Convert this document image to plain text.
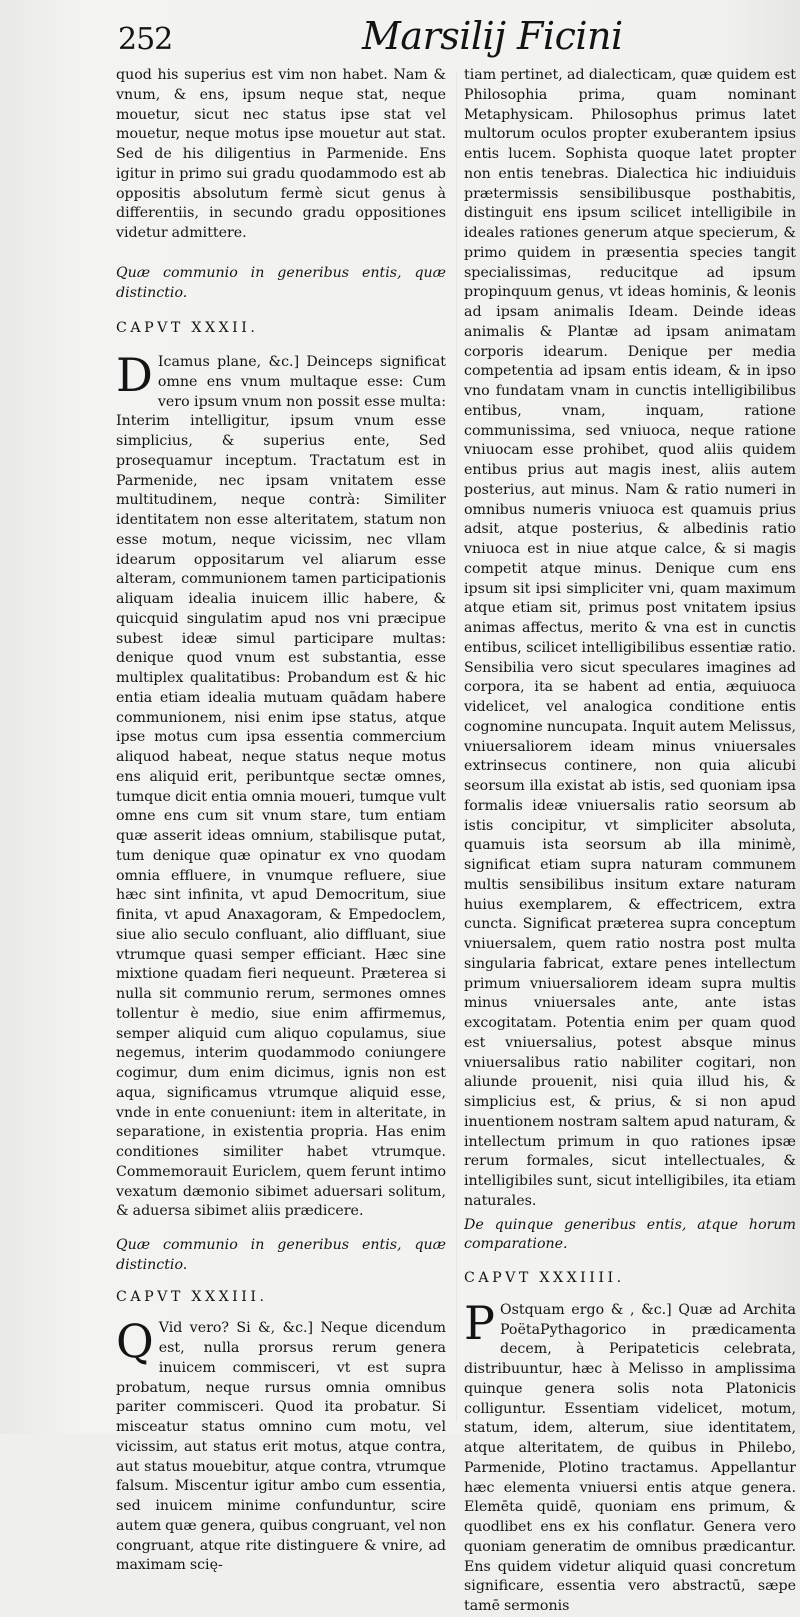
252	Marsilij Ficini

quod his superius est vim non habet. Nam & vnum, & ens, ipsum neque stat, neque mouetur, sicut nec status ipse stat vel mouetur, neque motus ipse mouetur aut stat. Sed de his diligentius in Parmenide. Ens igitur in primo sui gradu quodammodo est ab oppositis absolutum fermè sicut genus à differentiis, in secundo gradu oppositiones videtur admittere.

Quæ communio in generibus entis, quæ distinctio.

CAPVT XXXII.

D Icamus plane, &c.] Deinceps significat omne ens vnum multaque esse: Cum vero ipsum vnum non possit esse multa: Interim intelligitur, ipsum vnum esse simplicius, & superius ente, Sed prosequamur inceptum. Tractatum est in Parmenide, nec ipsam vnitatem esse multitudinem, neque contrà: Similiter identitatem non esse alteritatem, statum non esse motum, neque vicissim, nec vllam idearum oppositarum vel aliarum esse alteram, communionem tamen participationis aliquam idealia inuicem illic habere, & quicquid singulatim apud nos vni præcipue subest ideæ simul participare multas: denique quod vnum est substantia, esse multiplex qualitatibus: Probandum est & hic entia etiam idealia mutuam quādam habere communionem, nisi enim ipse status, atque ipse motus cum ipsa essentia commercium aliquod habeat, neque status neque motus ens aliquid erit, peribuntque sectæ omnes, tumque dicit entia omnia moueri, tumque vult omne ens cum sit vnum stare, tum entiam quæ asserit ideas omnium, stabilisque putat, tum denique quæ opinatur ex vno quodam omnia effluere, in vnumque refluere, siue hæc sint infinita, vt apud Democritum, siue finita, vt apud Anaxagoram, & Empedoclem, siue alio seculo confluant, alio diffluant, siue vtrumque quasi semper efficiant. Hæc sine mixtione quadam fieri nequeunt. Præterea si nulla sit communio rerum, sermones omnes tollentur è medio, siue enim affirmemus, semper aliquid cum aliquo copulamus, siue negemus, interim quodammodo coniungere cogimur, dum enim dicimus, ignis non est aqua, significamus vtrumque aliquid esse, vnde in ente conueniunt: item in alteritate, in separatione, in existentia propria. Has enim conditiones similiter habet vtrumque. Commemorauit Euriclem, quem ferunt intimo vexatum dæmonio sibimet aduersari solitum, & aduersa sibimet aliis prædicere.

Quæ communio in generibus entis, quæ distinctio.

CAPVT XXXIII.

Q Vid vero? Si &, &c.] Neque dicendum est, nulla prorsus rerum genera inuicem commisceri, vt est supra probatum, neque rursus omnia omnibus pariter commisceri. Quod ita probatur. Si misceatur status omnino cum motu, vel vicissim, aut status erit motus, atque contra, aut status mouebitur, atque contra, vtrumque falsum. Miscentur igitur ambo cum essentia, sed inuicem minime confunduntur, scire autem quæ genera, quibus congruant, vel non congruant, atque rite distinguere & vnire, ad maximam scię-

tiam pertinet, ad dialecticam, quæ quidem est Philosophia prima, quam nominant Metaphysicam. Philosophus primus latet multorum oculos propter exuberantem ipsius entis lucem. Sophista quoque latet propter non entis tenebras. Dialectica hic indiuiduis prætermissis sensibilibusque posthabitis, distinguit ens ipsum scilicet intelligibile in ideales rationes generum atque specierum, & primo quidem in præsentia species tangit specialissimas, reducitque ad ipsum propinquum genus, vt ideas hominis, & leonis ad ipsam animalis Ideam. Deinde ideas animalis & Plantæ ad ipsam animatam corporis idearum. Denique per media competentia ad ipsam entis ideam, & in ipso vno fundatam vnam in cunctis intelligibilibus entibus, vnam, inquam, ratione communissima, sed vniuoca, neque ratione vniuocam esse prohibet, quod aliis quidem entibus prius aut magis inest, aliis autem posterius, aut minus. Nam & ratio numeri in omnibus numeris vniuoca est quamuis prius adsit, atque posterius, & albedinis ratio vniuoca est in niue atque calce, & si magis competit atque minus. Denique cum ens ipsum sit ipsi simpliciter vni, quam maximum atque etiam sit, primus post vnitatem ipsius animas affectus, merito & vna est in cunctis entibus, scilicet intelligibilibus essentiæ ratio. Sensibilia vero sicut speculares imagines ad corpora, ita se habent ad entia, æquiuoca videlicet, vel analogica conditione entis cognomine nuncupata. Inquit autem Melissus, vniuersaliorem ideam minus vniuersales extrinsecus continere, non quia alicubi seorsum illa existat ab istis, sed quoniam ipsa formalis ideæ vniuersalis ratio seorsum ab istis concipitur, vt simpliciter absoluta, quamuis ista seorsum ab illa minimè, significat etiam supra naturam communem multis sensibilibus insitum extare naturam huius exemplarem, & effectricem, extra cuncta. Significat præterea supra conceptum vniuersalem, quem ratio nostra post multa singularia fabricat, extare penes intellectum primum vniuersaliorem ideam supra multis minus vniuersales ante, ante istas excogitatam. Potentia enim per quam quod est vniuersalius, potest absque minus vniuersalibus ratio nabiliter cogitari, non aliunde prouenit, nisi quia illud his, & simplicius est, & prius, & si non apud inuentionem nostram saltem apud naturam, & intellectum primum in quo rationes ipsæ rerum formales, sicut intellectuales, & intelligibiles sunt, sicut intelligibiles, ita etiam naturales.

De quinque generibus entis, atque horum comparatione.

CAPVT XXXIIII.

P Ostquam ergo & , &c.] Quæ ad Archita PoëtaPythagorico in prædicamenta decem, à Peripateticis celebrata, distribuuntur, hæc à Melisso in amplissima quinque genera solis nota Platonicis colliguntur. Essentiam videlicet, motum, statum, idem, alterum, siue identitatem, atque alteritatem, de quibus in Philebo, Parmenide, Plotino tractamus. Appellantur hæc elementa vniuersi entis atque genera. Elemēta quidē, quoniam ens primum, & quodlibet ens ex his conflatur. Genera vero quoniam generatim de omnibus prædicantur. Ens quidem videtur aliquid quasi concretum significare, essentia vero abstractū, sæpe tamē sermonis
